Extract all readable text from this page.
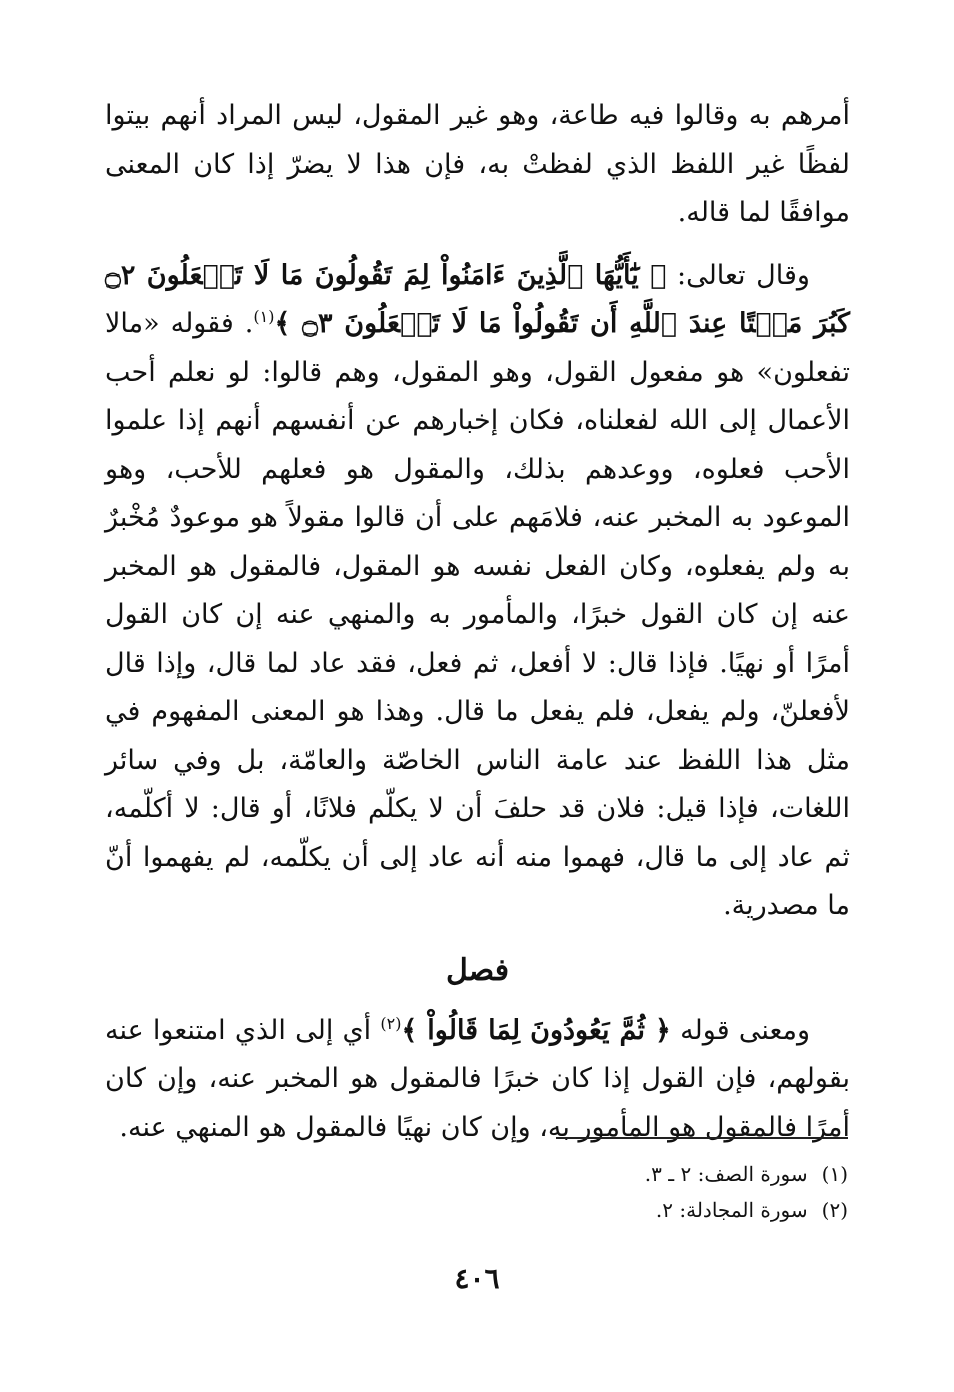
أمرهم به وقالوا فيه طاعة، وهو غير المقول، ليس المراد أنهم بيتوا لفظًا غير اللفظ الذي لفظتْ به، فإن هذا لا يضرّ إذا كان المعنى موافقًا لما قاله.

وقال تعالى: ﴿ يَٰٓأَيُّهَا ٱلَّذِينَ ءَامَنُواْ لِمَ تَقُولُونَ مَا لَا تَفۡعَلُونَ ۝٢ كَبُرَ مَقۡتًا عِندَ ٱللَّهِ أَن تَقُولُواْ مَا لَا تَفۡعَلُونَ ۝٣ ﴾$^{(١)}$. فقوله «مالا تفعلون» هو مفعول القول، وهو المقول، وهم قالوا: لو نعلم أحب الأعمال إلى الله لفعلناه، فكان إخبارهم عن أنفسهم أنهم إذا علموا الأحب فعلوه، ووعدهم بذلك، والمقول هو فعلهم للأحب، وهو الموعود به المخبر عنه، فلامَهم على أن قالوا مقولاً هو موعودٌ مُخْبرٌ به ولم يفعلوه، وكان الفعل نفسه هو المقول، فالمقول هو المخبر عنه إن كان القول خبرًا، والمأمور به والمنهي عنه إن كان القول أمرًا أو نهيًا. فإذا قال: لا أفعل، ثم فعل، فقد عاد لما قال، وإذا قال لأفعلنّ، ولم يفعل، فلم يفعل ما قال. وهذا هو المعنى المفهوم في مثل هذا اللفظ عند عامة الناس الخاصّة والعامّة، بل وفي سائر اللغات، فإذا قيل: فلان قد حلفَ أن لا يكلّم فلانًا، أو قال: لا أكلّمه، ثم عاد إلى ما قال، فهموا منه أنه عاد إلى أن يكلّمه، لم يفهموا أنّ ما مصدرية.

فصل

ومعنى قوله ﴿ ثُمَّ يَعُودُونَ لِمَا قَالُواْ ﴾$^{(٢)}$ أي إلى الذي امتنعوا عنه بقولهم، فإن القول إذا كان خبرًا فالمقول هو المخبر عنه، وإن كان أمرًا فالمقول هو المأمور به، وإن كان نهيًا فالمقول هو المنهي عنه.

(١)سورة الصف: ٢ ـ ٣.

(٢)سورة المجادلة: ٢.

٤٠٦
